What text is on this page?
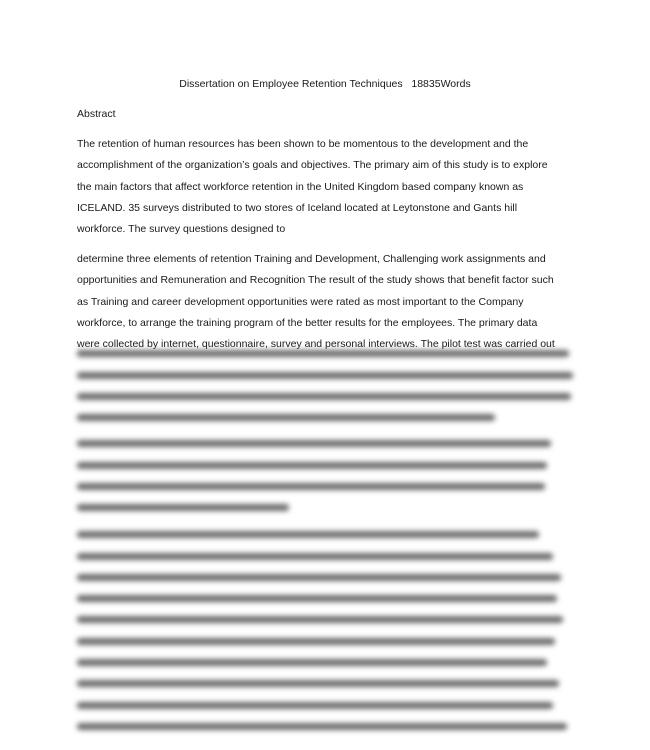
Dissertation on Employee Retention Techniques   18835Words
Abstract
The retention of human resources has been shown to be momentous to the development and the
accomplishment of the organization’s goals and objectives. The primary aim of this study is to explore
the main factors that affect workforce retention in the United Kingdom based company known as
ICELAND. 35 surveys distributed to two stores of Iceland located at Leytonstone and Gants hill
workforce. The survey questions designed to
determine three elements of retention Training and Development, Challenging work assignments and
opportunities and Remuneration and Recognition The result of the study shows that benefit factor such
as Training and career development opportunities were rated as most important to the Company
workforce, to arrange the training program of the better results for the employees. The primary data
were collected by internet, questionnaire, survey and personal interviews. The pilot test was carried out
